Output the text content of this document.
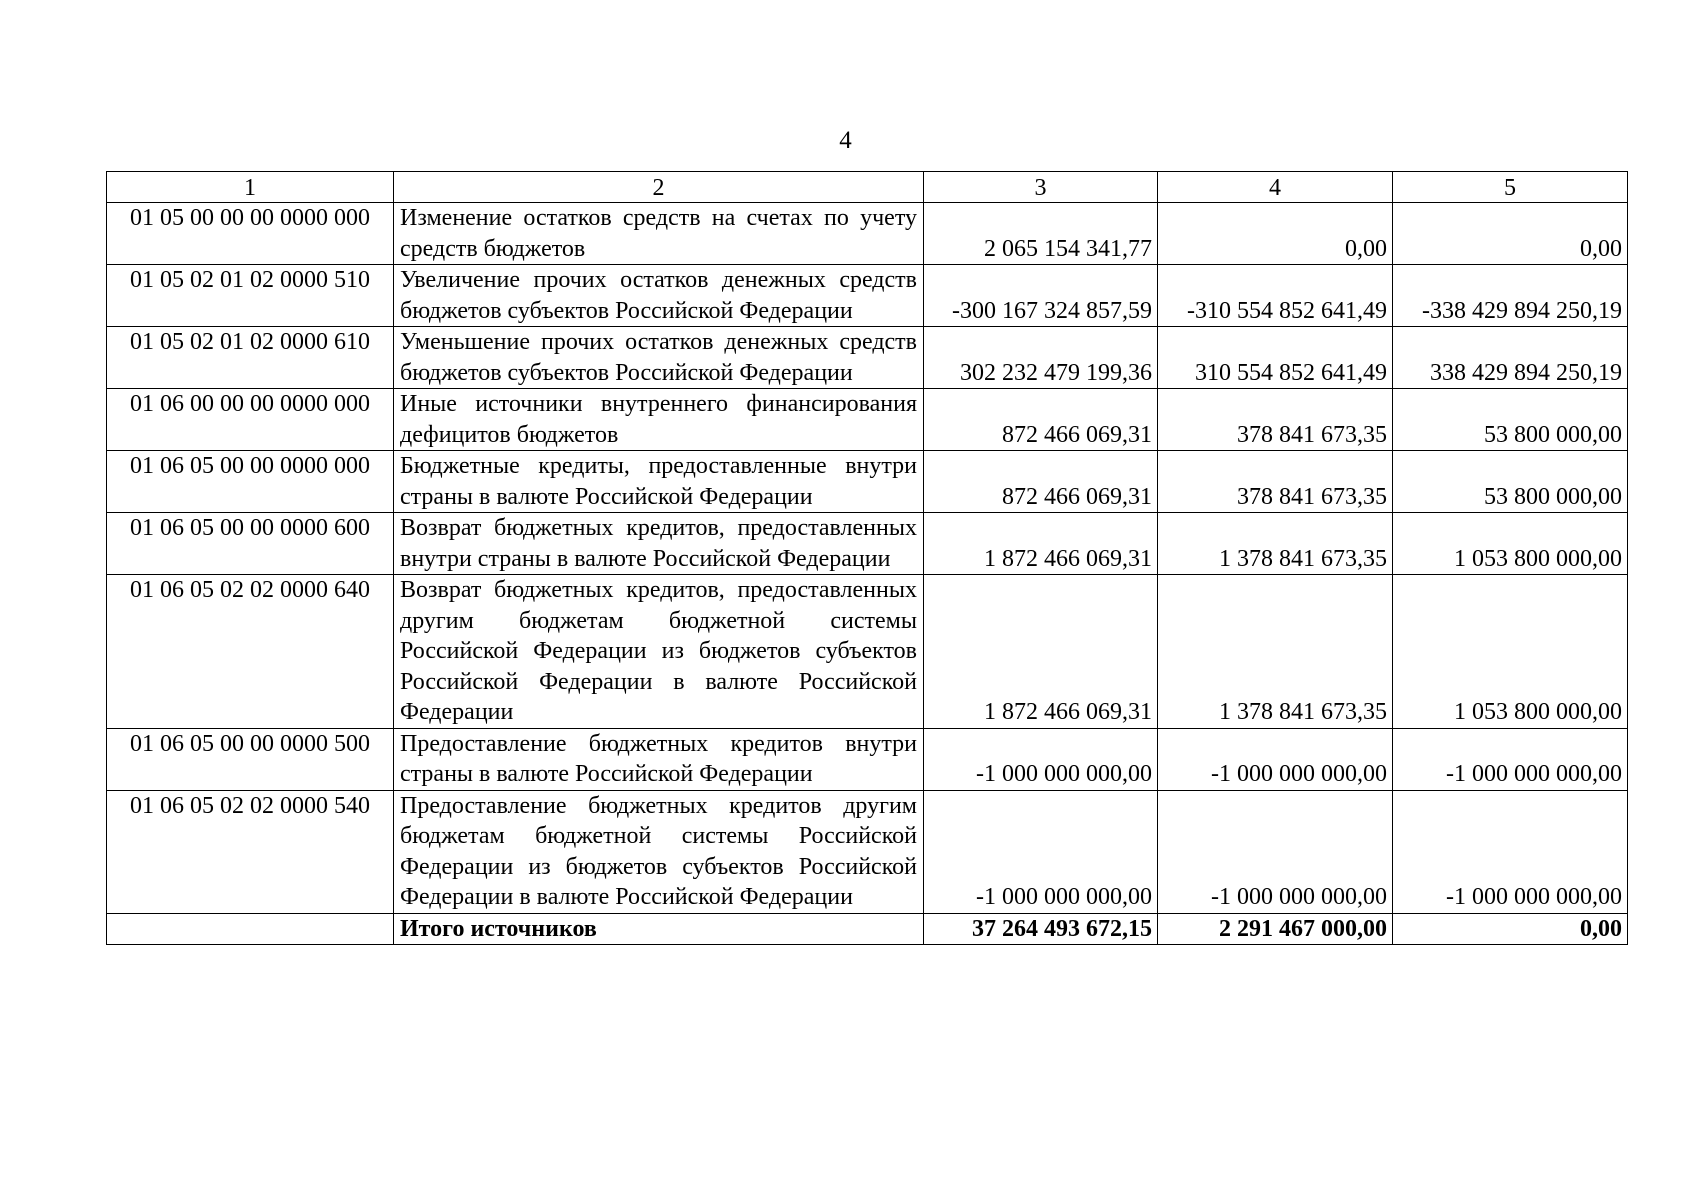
4
1	2	3	4	5
01 05 00 00 00 0000 000	Изменение остатков средств на счетах по учету средств бюджетов	2 065 154 341,77	0,00	0,00
01 05 02 01 02 0000 510	Увеличение прочих остатков денежных средств бюджетов субъектов Российской Федерации	-300 167 324 857,59	-310 554 852 641,49	-338 429 894 250,19
01 05 02 01 02 0000 610	Уменьшение прочих остатков денежных средств бюджетов субъектов Российской Федерации	302 232 479 199,36	310 554 852 641,49	338 429 894 250,19
01 06 00 00 00 0000 000	Иные источники внутреннего финансирования дефицитов бюджетов	872 466 069,31	378 841 673,35	53 800 000,00
01 06 05 00 00 0000 000	Бюджетные кредиты, предоставленные внутри страны в валюте Российской Федерации	872 466 069,31	378 841 673,35	53 800 000,00
01 06 05 00 00 0000 600	Возврат бюджетных кредитов, предоставленных внутри страны в валюте Российской Федерации	1 872 466 069,31	1 378 841 673,35	1 053 800 000,00
01 06 05 02 02 0000 640	Возврат бюджетных кредитов, предоставленных другим бюджетам бюджетной системы Российской Федерации из бюджетов субъектов Российской Федерации в валюте Российской Федерации	1 872 466 069,31	1 378 841 673,35	1 053 800 000,00
01 06 05 00 00 0000 500	Предоставление бюджетных кредитов внутри страны в валюте Российской Федерации	-1 000 000 000,00	-1 000 000 000,00	-1 000 000 000,00
01 06 05 02 02 0000 540	Предоставление бюджетных кредитов другим бюджетам бюджетной системы Российской Федерации из бюджетов субъектов Российской Федерации в валюте Российской Федерации	-1 000 000 000,00	-1 000 000 000,00	-1 000 000 000,00
	Итого источников	37 264 493 672,15	2 291 467 000,00	0,00
